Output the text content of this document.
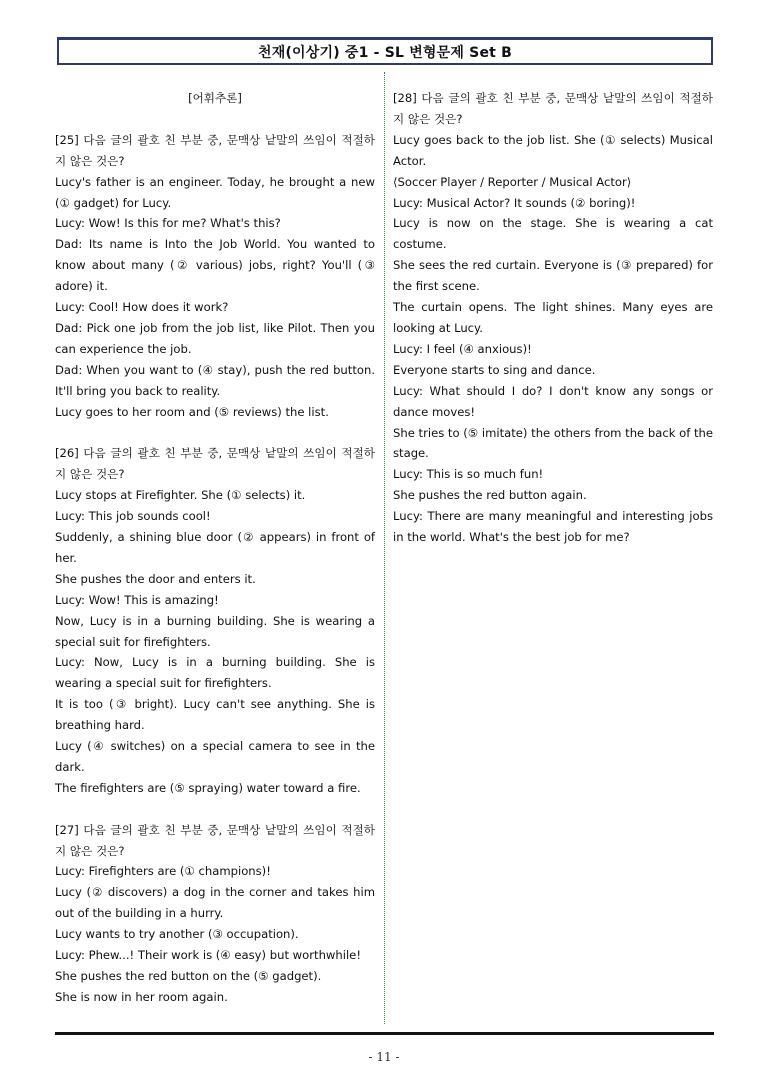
천재(이상기) 중1 - SL 변형문제 Set B

[어휘추론]

[25] 다음 글의 괄호 친 부분 중, 문맥상 낱말의 쓰임이 적절하지 않은 것은?

Lucy's father is an engineer. Today, he brought a new (① gadget) for Lucy.

Lucy: Wow! Is this for me? What's this?

Dad: Its name is Into the Job World. You wanted to know about many (② various) jobs, right? You'll (③ adore) it.

Lucy: Cool! How does it work?

Dad: Pick one job from the job list, like Pilot. Then you can experience the job.

Dad: When you want to (④ stay), push the red button. It'll bring you back to reality.

Lucy goes to her room and (⑤ reviews) the list.

[26] 다음 글의 괄호 친 부분 중, 문맥상 낱말의 쓰임이 적절하지 않은 것은?

Lucy stops at Firefighter. She (① selects) it.

Lucy: This job sounds cool!

Suddenly, a shining blue door (② appears) in front of her.

She pushes the door and enters it.

Lucy: Wow! This is amazing!

Now, Lucy is in a burning building. She is wearing a special suit for firefighters.

Lucy: Now, Lucy is in a burning building. She is wearing a special suit for firefighters.

It is too (③ bright). Lucy can't see anything. She is breathing hard.

Lucy (④ switches) on a special camera to see in the dark.

The firefighters are (⑤ spraying) water toward a fire.

[27] 다음 글의 괄호 친 부분 중, 문맥상 낱말의 쓰임이 적절하지 않은 것은?

Lucy: Firefighters are (① champions)!

Lucy (② discovers) a dog in the corner and takes him out of the building in a hurry.

Lucy wants to try another (③ occupation).

Lucy: Phew...! Their work is (④ easy) but worthwhile!

She pushes the red button on the (⑤ gadget).

She is now in her room again.

[28] 다음 글의 괄호 친 부분 중, 문맥상 낱말의 쓰임이 적절하지 않은 것은?

Lucy goes back to the job list. She (① selects) Musical Actor.

⟨Soccer Player / Reporter / Musical Actor⟩

Lucy: Musical Actor? It sounds (② boring)!

Lucy is now on the stage. She is wearing a cat costume.

She sees the red curtain. Everyone is (③ prepared) for the first scene.

The curtain opens. The light shines. Many eyes are looking at Lucy.

Lucy: I feel (④ anxious)!

Everyone starts to sing and dance.

Lucy: What should I do? I don't know any songs or dance moves!

She tries to (⑤ imitate) the others from the back of the stage.

Lucy: This is so much fun!

She pushes the red button again.

Lucy: There are many meaningful and interesting jobs in the world. What's the best job for me?

- 11 -
